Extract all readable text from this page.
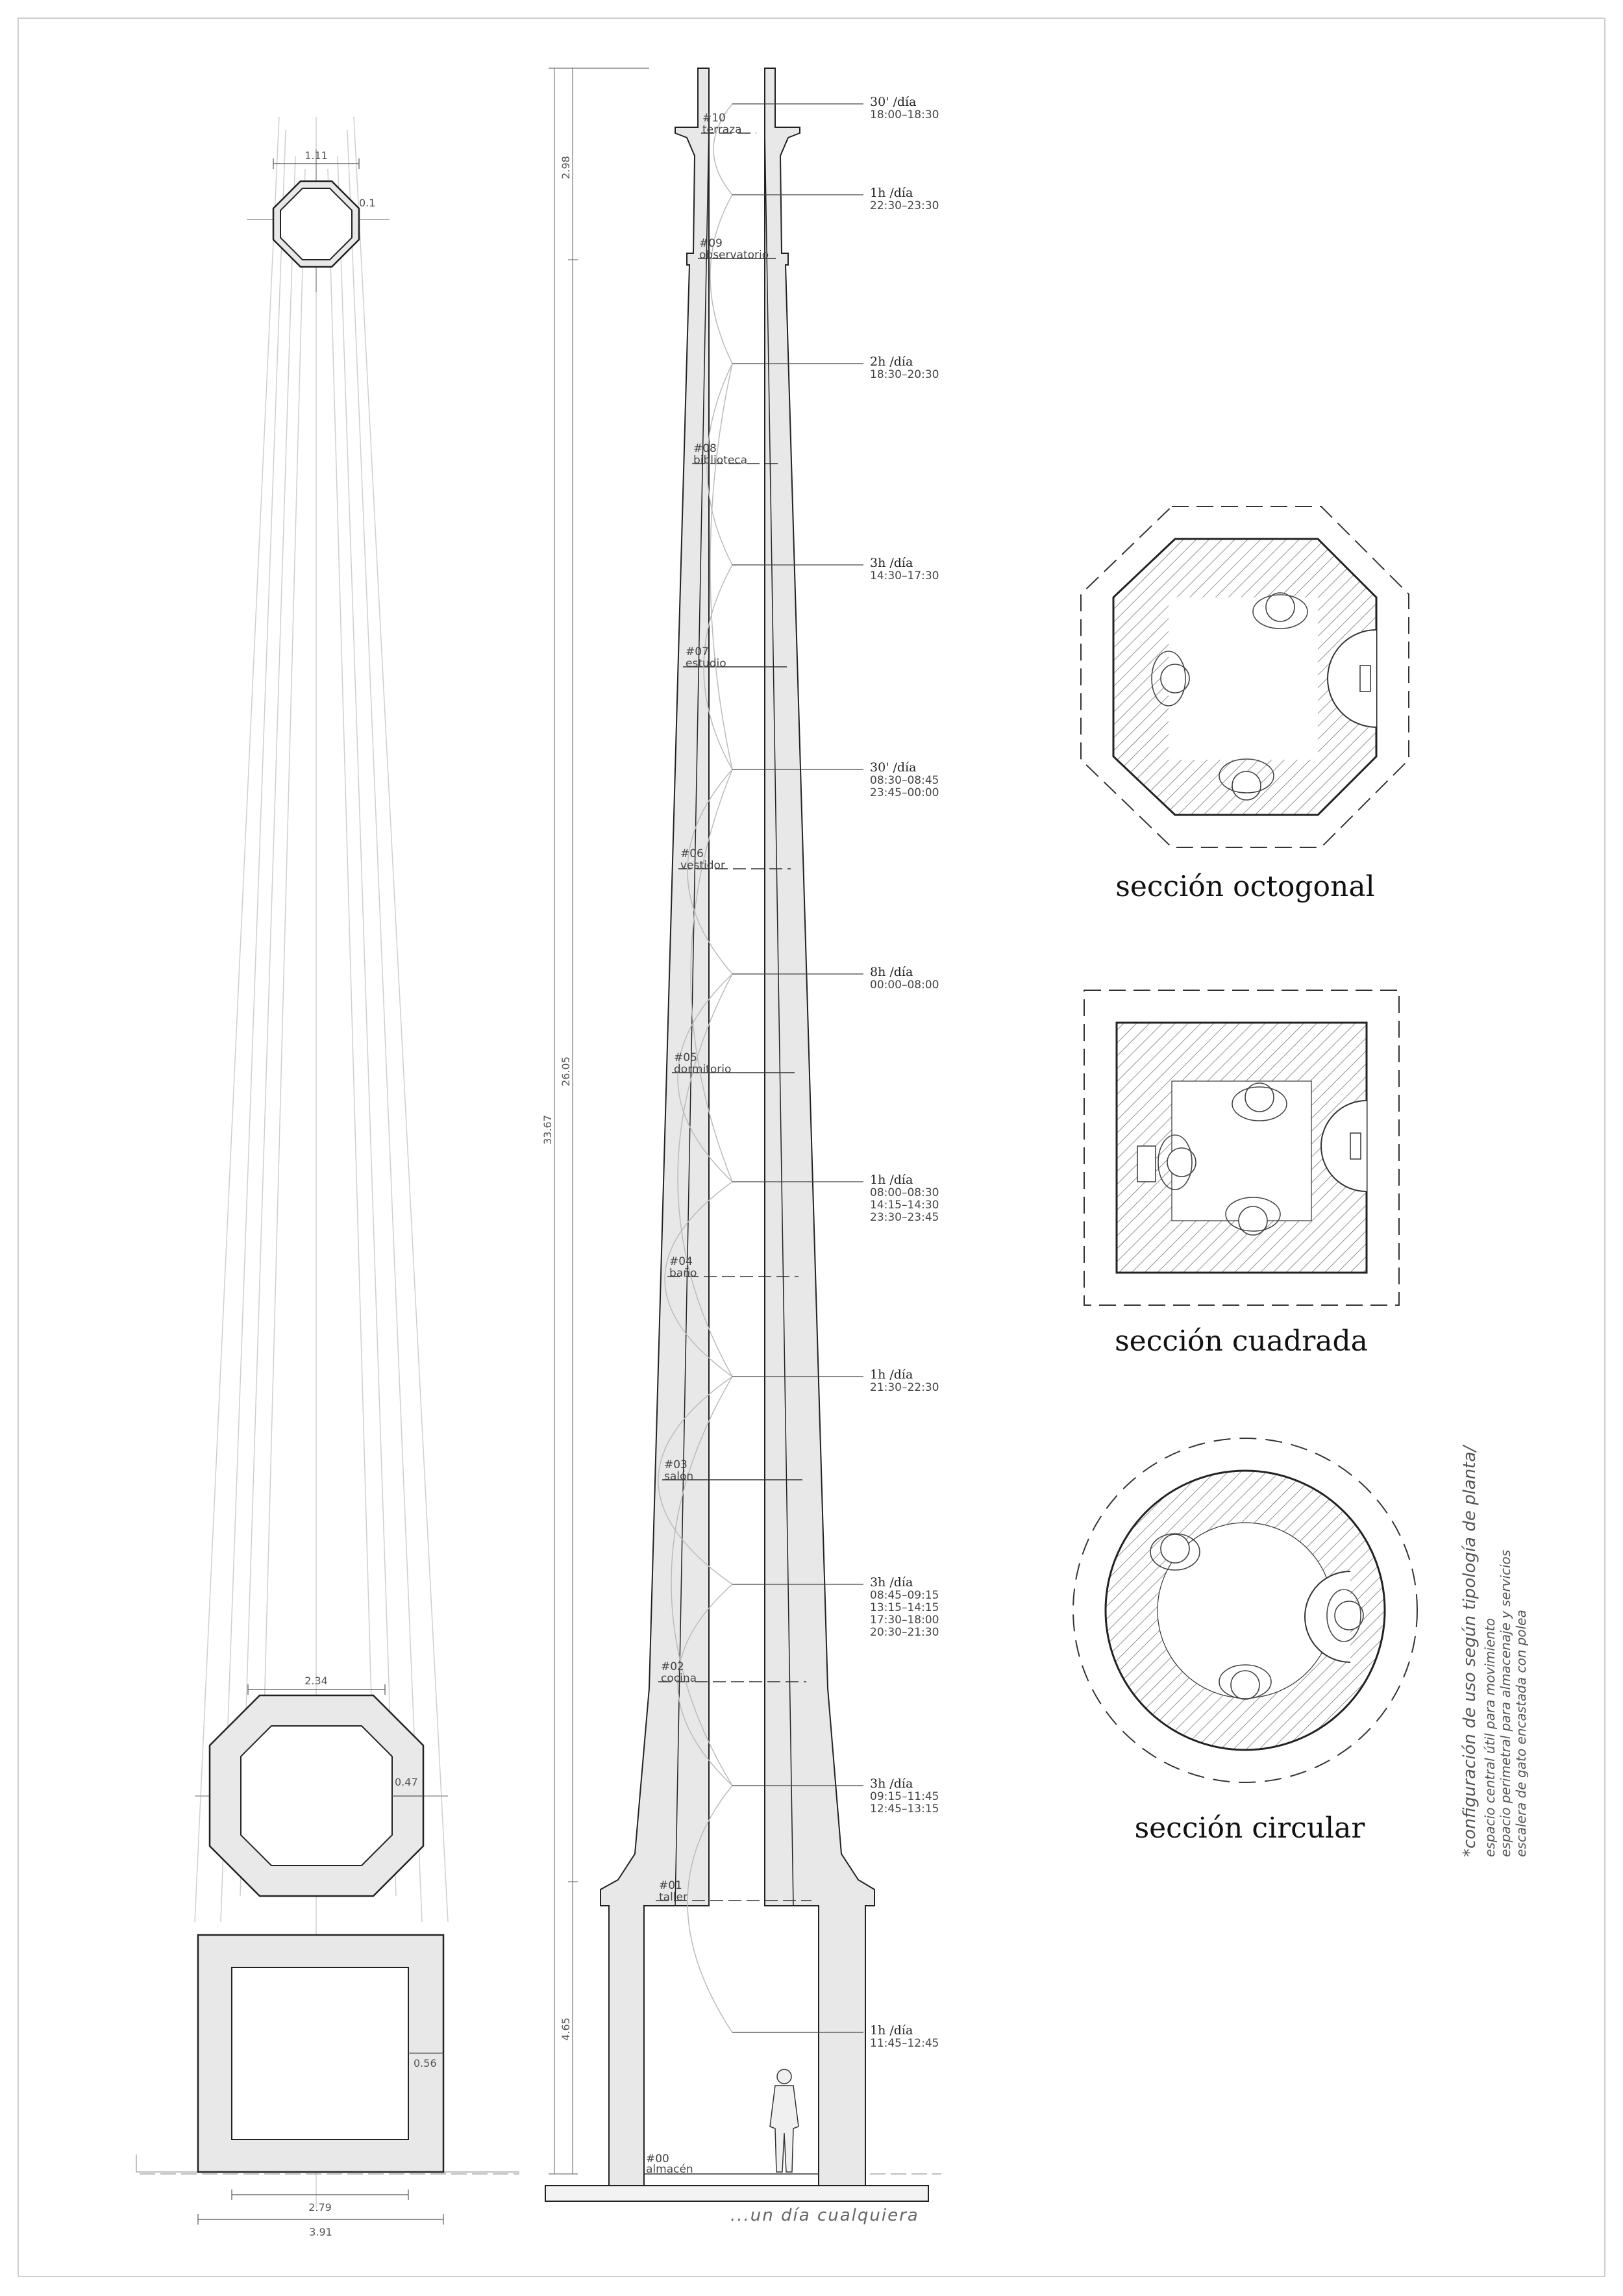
1.11
0.1
2.34
0.47
0.56
2.79
3.91
2.98
26.05
33.67
4.65
#10
terraza
#09
observatorio
#08
biblioteca
#07
estudio
#06
vestidor
#05
dormitorio
#04
baño
#03
salón
#02
cocina
#01
taller
#00
almacén
30' /día
18:00–18:30
1h /día
22:30–23:30
2h /día
18:30–20:30
3h /día
14:30–17:30
30' /día
08:30–08:45
23:45–00:00
8h /día
00:00–08:00
1h /día
08:00–08:30
14:15–14:30
23:30–23:45
1h /día
21:30–22:30
3h /día
08:45–09:15
13:15–14:15
17:30–18:00
20:30–21:30
3h /día
09:15–11:45
12:45–13:15
1h /día
11:45–12:45
...un día cualquiera
sección octogonal
sección cuadrada
sección circular	*configuración de uso según tipología de planta/ espacio central útil para movimiento espacio perimetral para almacenaje y servicios escalera de gato encastada con polea
